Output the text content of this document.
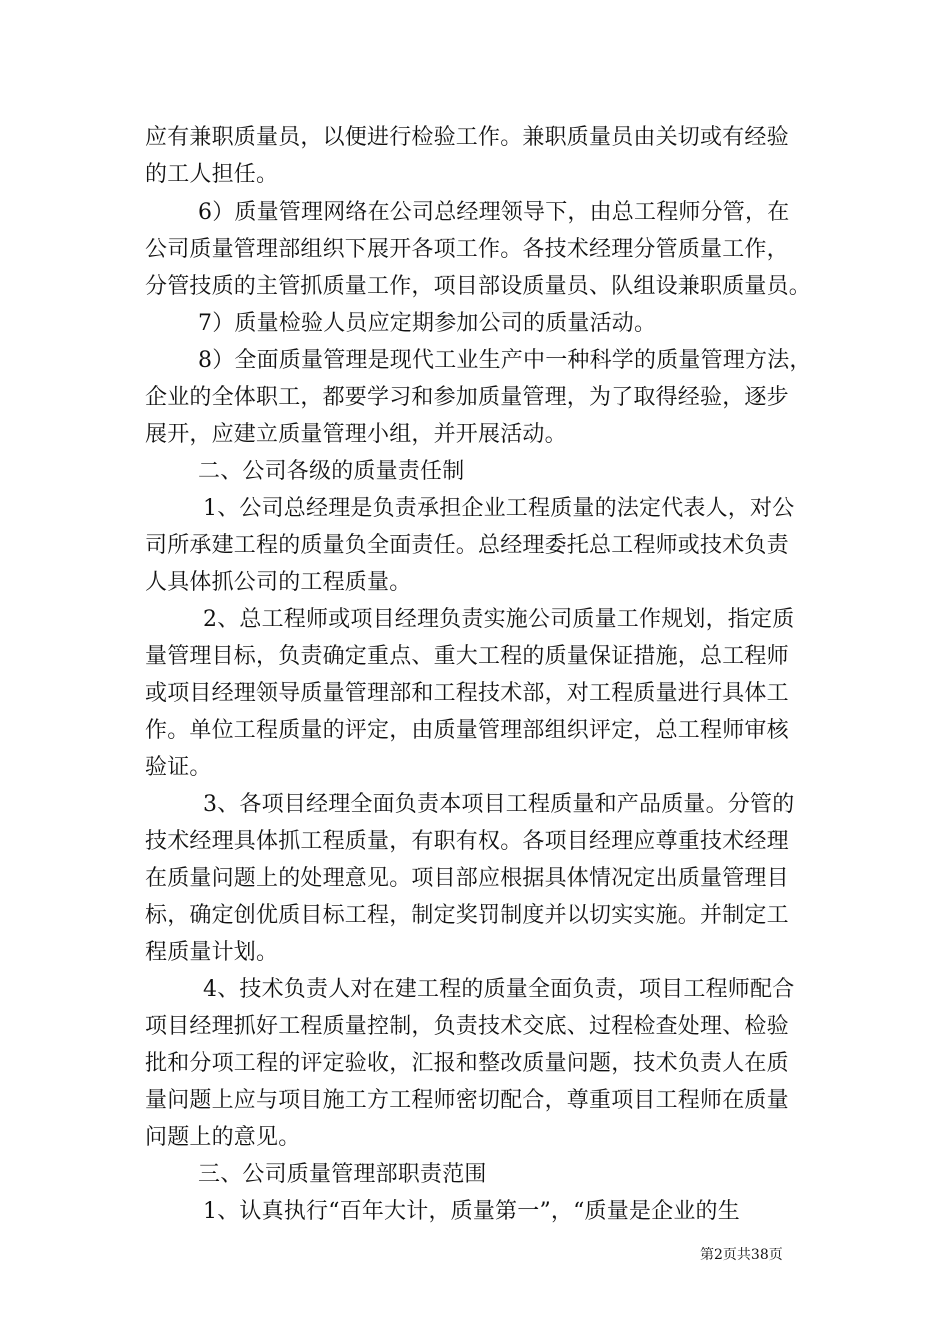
应有兼职质量员，以便进行检验工作。兼职质量员由关切或有经验
的工人担任。
6）质量管理网络在公司总经理领导下，由总工程师分管，在
公司质量管理部组织下展开各项工作。各技术经理分管质量工作，
分管技质的主管抓质量工作，项目部设质量员、队组设兼职质量员。
7）质量检验人员应定期参加公司的质量活动。
8）全面质量管理是现代工业生产中一种科学的质量管理方法，
企业的全体职工，都要学习和参加质量管理，为了取得经验，逐步
展开，应建立质量管理小组，并开展活动。
二、公司各级的质量责任制
1、公司总经理是负责承担企业工程质量的法定代表人，对公
司所承建工程的质量负全面责任。总经理委托总工程师或技术负责
人具体抓公司的工程质量。
2、总工程师或项目经理负责实施公司质量工作规划，指定质
量管理目标，负责确定重点、重大工程的质量保证措施，总工程师
或项目经理领导质量管理部和工程技术部，对工程质量进行具体工
作。单位工程质量的评定，由质量管理部组织评定，总工程师审核
验证。
3、各项目经理全面负责本项目工程质量和产品质量。分管的
技术经理具体抓工程质量，有职有权。各项目经理应尊重技术经理
在质量问题上的处理意见。项目部应根据具体情况定出质量管理目
标，确定创优质目标工程，制定奖罚制度并以切实实施。并制定工
程质量计划。
4、技术负责人对在建工程的质量全面负责，项目工程师配合
项目经理抓好工程质量控制，负责技术交底、过程检查处理、检验
批和分项工程的评定验收，汇报和整改质量问题，技术负责人在质
量问题上应与项目施工方工程师密切配合，尊重项目工程师在质量
问题上的意见。
三、公司质量管理部职责范围
1、认真执行“百年大计，质量第一”，“质量是企业的生
第2页共38页
